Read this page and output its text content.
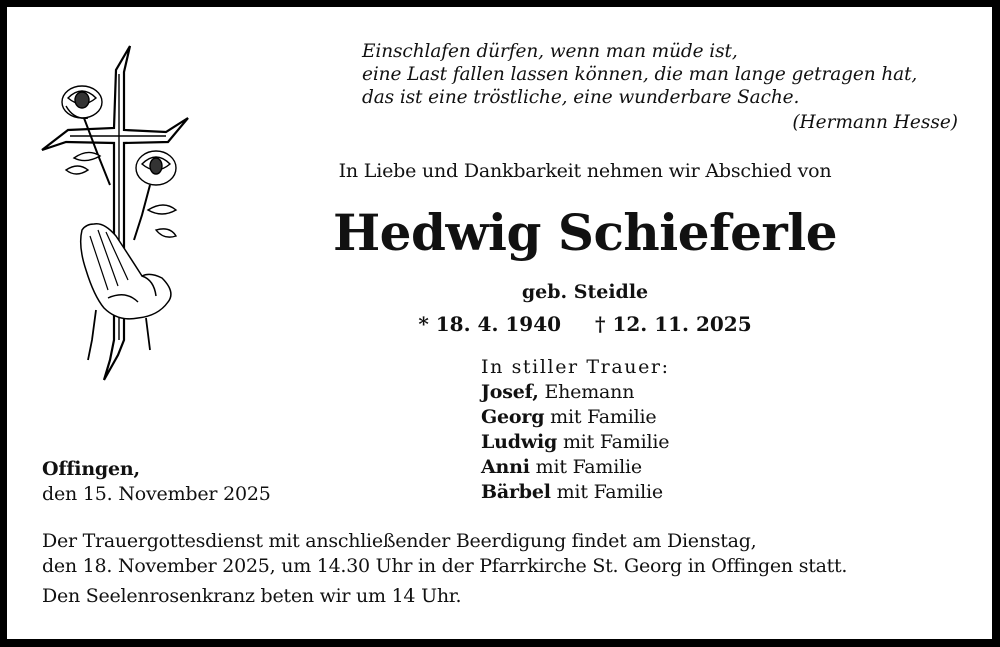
Einschlafen dürfen, wenn man müde ist,
eine Last fallen lassen können, die man lange getragen hat,
das ist eine tröstliche, eine wunderbare Sache.
(Hermann Hesse)
In Liebe und Dankbarkeit nehmen wir Abschied von
Hedwig Schieferle
geb. Steidle
* 18. 4. 1940 † 12. 11. 2025
In stiller Trauer:
Josef, Ehemann
Georg mit Familie
Ludwig mit Familie
Anni mit Familie
Bärbel mit Familie
Offingen,
den 15. November 2025
Der Trauergottesdienst mit anschließender Beerdigung findet am Dienstag,
den 18. November 2025, um 14.30 Uhr in der Pfarrkirche St. Georg in Offingen statt.
Den Seelenrosenkranz beten wir um 14 Uhr.
